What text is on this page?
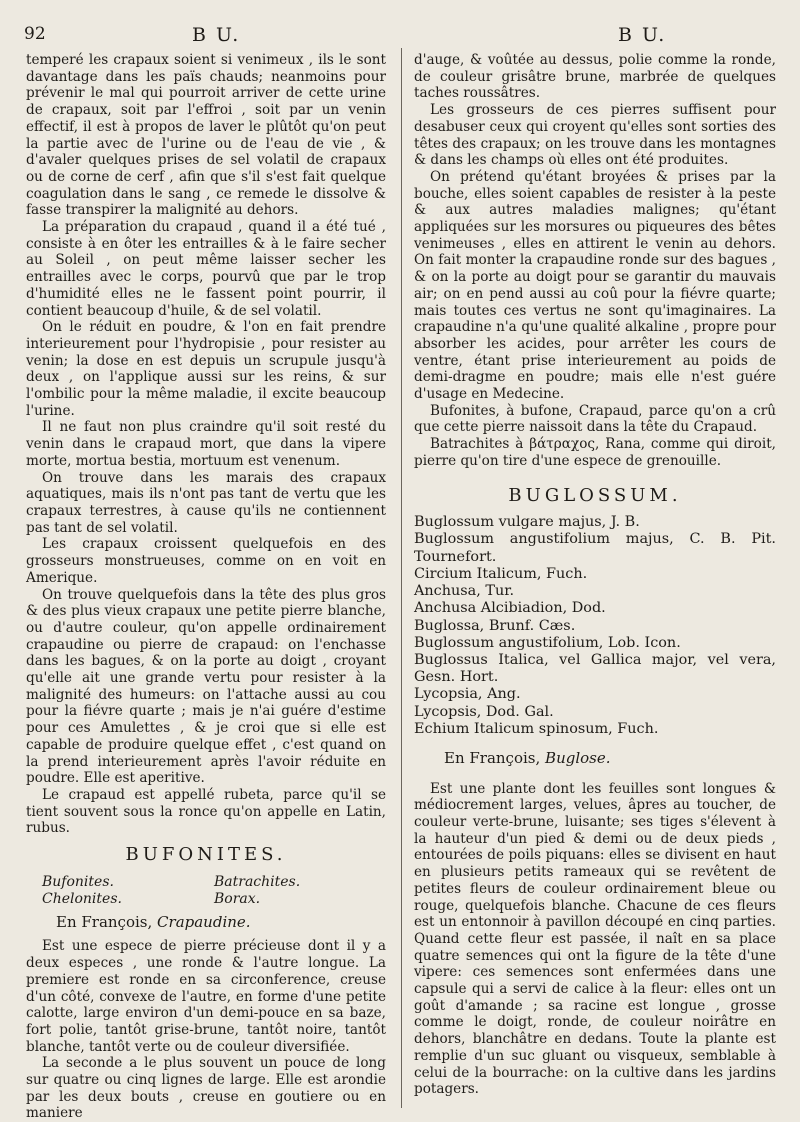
92	B U.	B U.

temperé les crapaux soient si venimeux , ils le sont davantage dans les païs chauds; neanmoins pour prévenir le mal qui pourroit arriver de cette urine de crapaux, soit par l'effroi , soit par un venin effectif, il est à propos de laver le plûtôt qu'on peut la partie avec de l'urine ou de l'eau de vie , & d'avaler quelques prises de sel volatil de crapaux ou de corne de cerf , afin que s'il s'est fait quelque coagulation dans le sang , ce remede le dissolve & fasse transpirer la malignité au dehors.

La préparation du crapaud , quand il a été tué , consiste à en ôter les entrailles & à le faire secher au Soleil , on peut même laisser secher les entrailles avec le corps, pourvû que par le trop d'humidité elles ne le fassent point pourrir, il contient beaucoup d'huile, & de sel volatil.

On le réduit en poudre, & l'on en fait prendre interieurement pour l'hydropisie , pour resister au venin; la dose en est depuis un scrupule jusqu'à deux , on l'applique aussi sur les reins, & sur l'ombilic pour la même maladie, il excite beaucoup l'urine.

Il ne faut non plus craindre qu'il soit resté du venin dans le crapaud mort, que dans la vipere morte, mortua bestia, mortuum est venenum.

On trouve dans les marais des crapaux aquatiques, mais ils n'ont pas tant de vertu que les crapaux terrestres, à cause qu'ils ne contiennent pas tant de sel volatil.

Les crapaux croissent quelquefois en des grosseurs monstrueuses, comme on en voit en Amerique.

On trouve quelquefois dans la tête des plus gros & des plus vieux crapaux une petite pierre blanche, ou d'autre couleur, qu'on appelle ordinairement crapaudine ou pierre de crapaud: on l'enchasse dans les bagues, & on la porte au doigt , croyant qu'elle ait une grande vertu pour resister à la malignité des humeurs: on l'attache aussi au cou pour la fiévre quarte ; mais je n'ai guére d'estime pour ces Amulettes , & je croi que si elle est capable de produire quelque effet , c'est quand on la prend interieurement après l'avoir réduite en poudre. Elle est aperitive.

Le crapaud est appellé rubeta, parce qu'il se tient souvent sous la ronce qu'on appelle en Latin, rubus.

BUFONITES.
Bufonites.	Batrachites.
Chelonites.	Borax.

En François, Crapaudine.

Est une espece de pierre précieuse dont il y a deux especes , une ronde & l'autre longue. La premiere est ronde en sa circonference, creuse d'un côté, convexe de l'autre, en forme d'une petite calotte, large environ d'un demi-pouce en sa baze, fort polie, tantôt grise-brune, tantôt noire, tantôt blanche, tantôt verte ou de couleur diversifiée.

La seconde a le plus souvent un pouce de long sur quatre ou cinq lignes de large. Elle est arondie par les deux bouts , creuse en goutiere ou en maniere

d'auge, & voûtée au dessus, polie comme la ronde, de couleur grisâtre brune, marbrée de quelques taches roussâtres.

Les grosseurs de ces pierres suffisent pour desabuser ceux qui croyent qu'elles sont sorties des têtes des crapaux; on les trouve dans les montagnes & dans les champs où elles ont été produites.

On prétend qu'étant broyées & prises par la bouche, elles soient capables de resister à la peste & aux autres maladies malignes; qu'étant appliquées sur les morsures ou piqueures des bêtes venimeuses , elles en attirent le venin au dehors. On fait monter la crapaudine ronde sur des bagues , & on la porte au doigt pour se garantir du mauvais air; on en pend aussi au coû pour la fiévre quarte; mais toutes ces vertus ne sont qu'imaginaires. La crapaudine n'a qu'une qualité alkaline , propre pour absorber les acides, pour arrêter les cours de ventre, étant prise interieurement au poids de demi-dragme en poudre; mais elle n'est guére d'usage en Medecine.

Bufonites, à bufone, Crapaud, parce qu'on a crû que cette pierre naissoit dans la tête du Crapaud.

Batrachites à βάτραχος, Rana, comme qui diroit, pierre qu'on tire d'une espece de grenouille.

BUGLOSSUM.
Buglossum vulgare majus, J. B.
Buglossum angustifolium majus, C. B. Pit. Tournefort.
Circium Italicum, Fuch.
Anchusa, Tur.
Anchusa Alcibiadion, Dod.
Buglossa, Brunf. Cæs.
Buglossum angustifolium, Lob. Icon.
Buglossus Italica, vel Gallica major, vel vera, Gesn. Hort.
Lycopsia, Ang.
Lycopsis, Dod. Gal.
Echium Italicum spinosum, Fuch.

En François, Buglose.

Est une plante dont les feuilles sont longues & médiocrement larges, velues, âpres au toucher, de couleur verte-brune, luisante; ses tiges s'élevent à la hauteur d'un pied & demi ou de deux pieds , entourées de poils piquans: elles se divisent en haut en plusieurs petits rameaux qui se revêtent de petites fleurs de couleur ordinairement bleue ou rouge, quelquefois blanche. Chacune de ces fleurs est un entonnoir à pavillon découpé en cinq parties. Quand cette fleur est passée, il naît en sa place quatre semences qui ont la figure de la tête d'une vipere: ces semences sont enfermées dans une capsule qui a servi de calice à la fleur: elles ont un goût d'amande ; sa racine est longue , grosse comme le doigt, ronde, de couleur noirâtre en dehors, blanchâtre en dedans. Toute la plante est remplie d'un suc gluant ou visqueux, semblable à celui de la bourrache: on la cultive dans les jardins potagers.
